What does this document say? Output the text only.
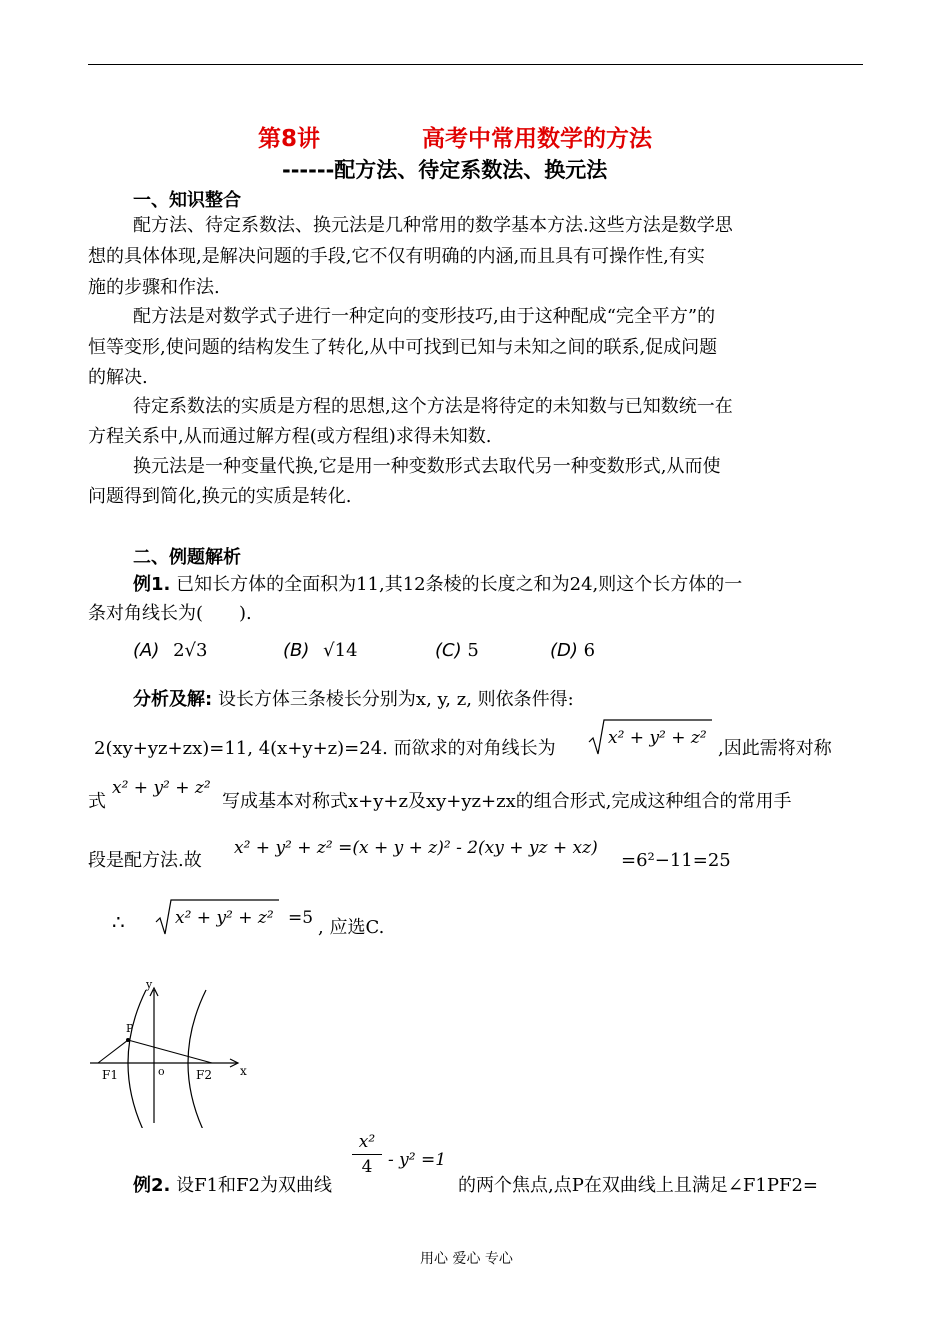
第8讲	高考中常用数学的方法
------配方法、待定系数法、换元法
一、知识整合
配方法、待定系数法、换元法是几种常用的数学基本方法.这些方法是数学思
想的具体体现,是解决问题的手段,它不仅有明确的内涵,而且具有可操作性,有实
施的步骤和作法.
配方法是对数学式子进行一种定向的变形技巧,由于这种配成“完全平方”的
恒等变形,使问题的结构发生了转化,从中可找到已知与未知之间的联系,促成问题
的解决.
待定系数法的实质是方程的思想,这个方法是将待定的未知数与已知数统一在
方程关系中,从而通过解方程(或方程组)求得未知数.
换元法是一种变量代换,它是用一种变数形式去取代另一种变数形式,从而使
问题得到简化,换元的实质是转化.
二、例题解析
例1. 已知长方体的全面积为11,其12条棱的长度之和为24,则这个长方体的一
条对角线长为(　　).
(A) 2√3	(B) √14	(C) 5	(D) 6
分析及解: 设长方体三条棱长分别为x, y, z, 则依条件得:
2(xy+yz+zx)=11, 4(x+y+z)=24. 而欲求的对角线长为	x² + y² + z² ,因此需将对称
式
x² + y² + z²
写成基本对称式x+y+z及xy+yz+zx的组合形式,完成这种组合的常用手
段是配方法.故
x² + y² + z² =(x + y + z)² - 2(xy + yz + xz)
=6²−11=25
∴	x² + y² + z² =5 , 应选C.
y
x
P
o
F1	F2
例2. 设F1和F2为双曲线
x²
4 - y² =1
的两个焦点,点P在双曲线上且满足∠F1PF2=
用心 爱心 专心
